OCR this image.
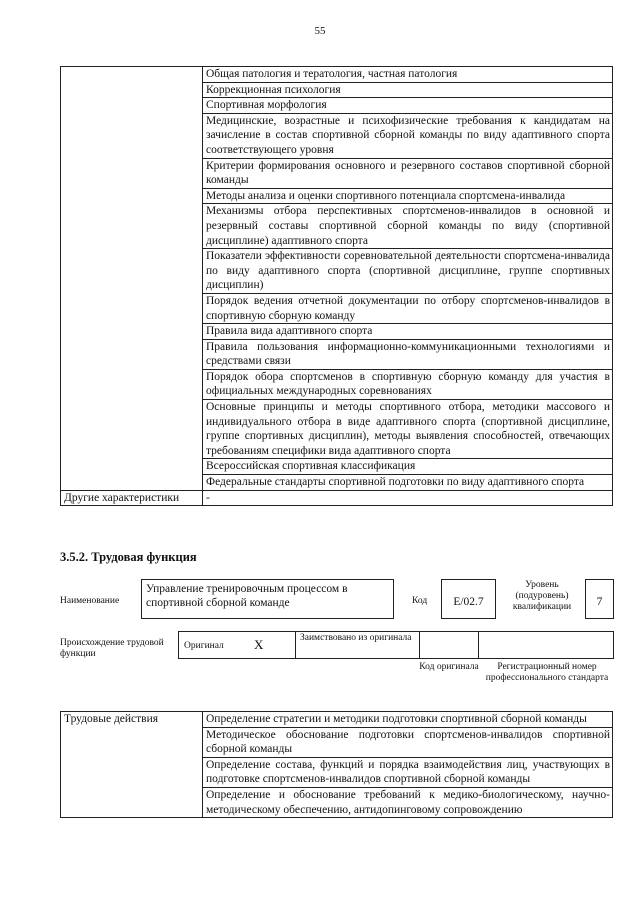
55
	Общая патология и тератология, частная патология
	Коррекционная психология
	Спортивная морфология
	Медицинские, возрастные и психофизические требования к кандидатам на зачисление в состав спортивной сборной команды по виду адаптивного спорта соответствующего уровня
	Критерии формирования основного и резервного составов спортивной сборной команды
	Методы анализа и оценки спортивного потенциала спортсмена-инвалида
	Механизмы отбора перспективных спортсменов-инвалидов в основной и резервный составы спортивной сборной команды по виду (спортивной дисциплине) адаптивного спорта
	Показатели эффективности соревновательной деятельности спортсмена-инвалида по виду адаптивного спорта (спортивной дисциплине, группе спортивных дисциплин)
	Порядок ведения отчетной документации по отбору спортсменов-инвалидов в спортивную сборную команду
	Правила вида адаптивного спорта
	Правила пользования информационно-коммуникационными технологиями и средствами связи
	Порядок обора спортсменов в спортивную сборную команду для участия в официальных международных соревнованиях
	Основные принципы и методы спортивного отбора, методики массового и индивидуального отбора в виде адаптивного спорта (спортивной дисциплине, группе спортивных дисциплин), методы выявления способностей, отвечающих требованиям специфики вида адаптивного спорта
	Всероссийская спортивная классификация
	Федеральные стандарты спортивной подготовки по виду адаптивного спорта
Другие характеристики	-
3.5.2. Трудовая функция
Наименование
Управление тренировочным процессом в спортивной сборной команде	Код	E/02.7
Уровень (подуровень) квалификации	7
Происхождение трудовой функции
Оригинал X	Заимствовано из оригинала
Код оригинала	Регистрационный номер профессионального стандарта
Трудовые действия	Определение стратегии и методики подготовки спортивной сборной команды
Методическое обоснование подготовки спортсменов-инвалидов спортивной сборной команды
Определение состава, функций и порядка взаимодействия лиц, участвующих в подготовке спортсменов-инвалидов спортивной сборной команды
Определение и обоснование требований к медико-биологическому, научно-методическому обеспечению, антидопинговому сопровождению
